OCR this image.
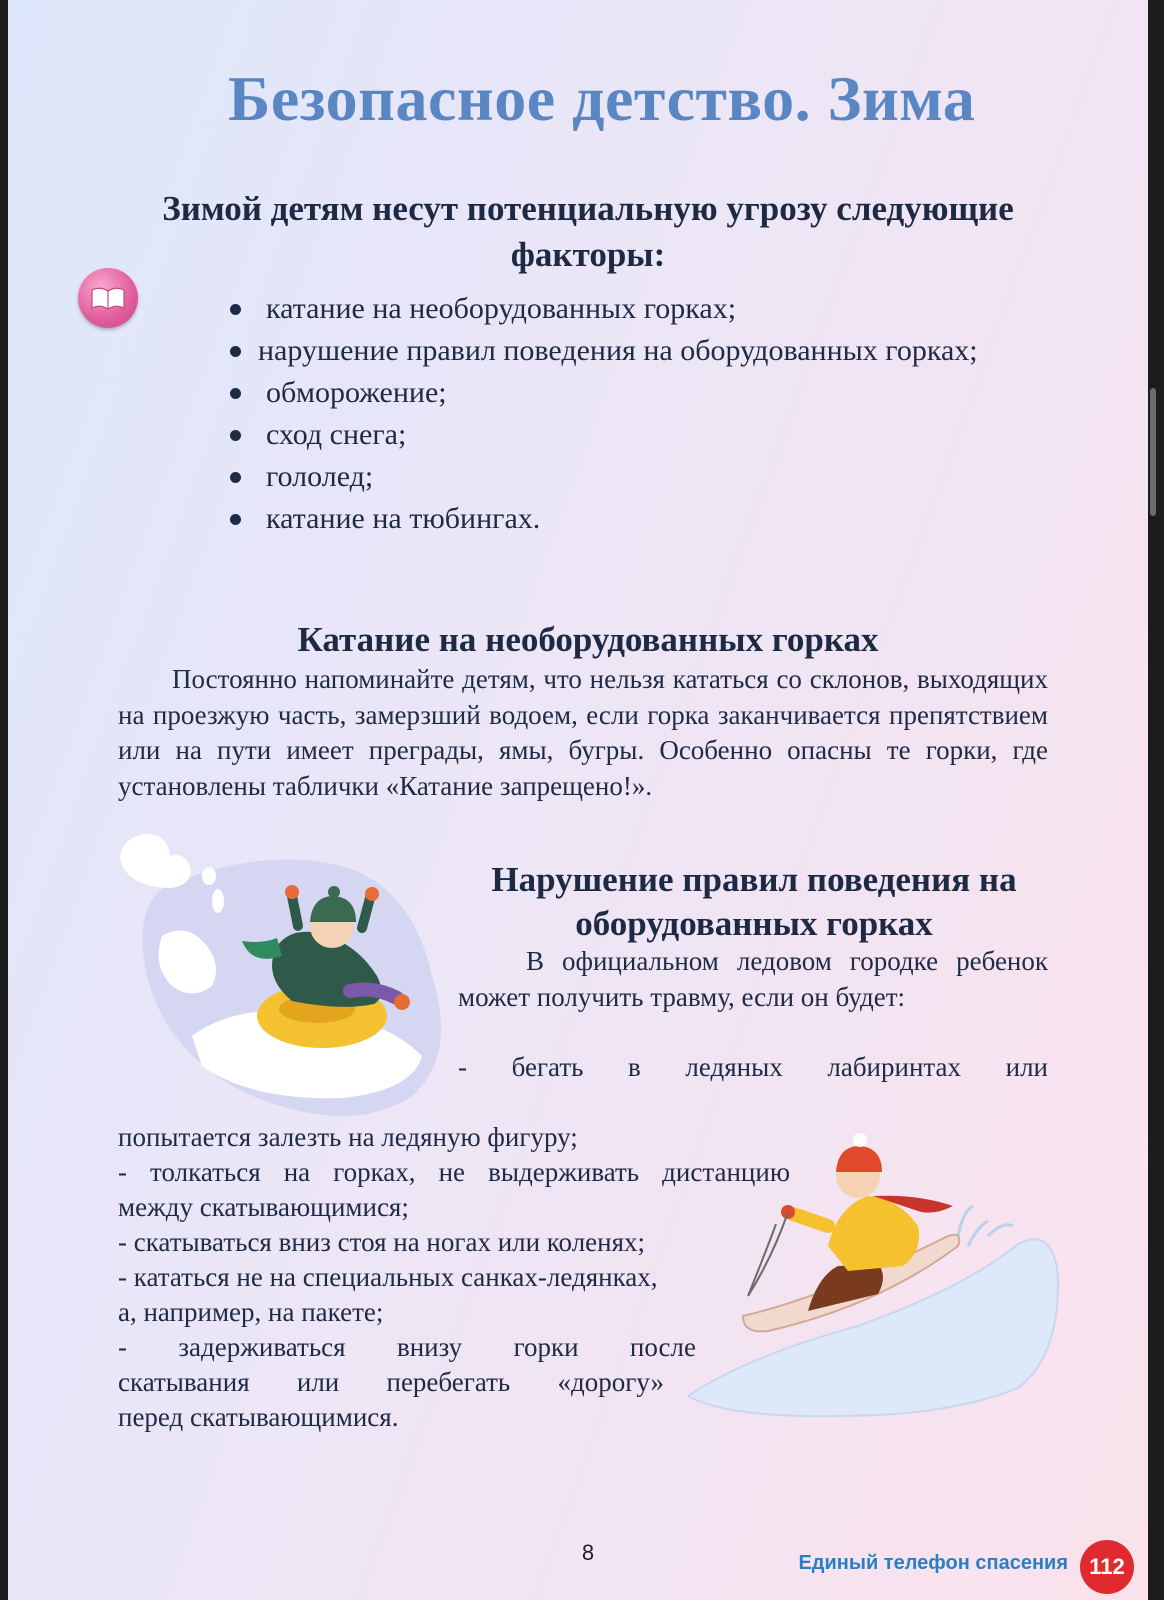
Безопасное детство. Зима
Зимой детям несут потенциальную угрозу следующие факторы:
катание на необорудованных горках;
нарушение правил поведения на оборудованных горках;
обморожение;
сход снега;
гололед;
катание на тюбингах.
Катание на необорудованных горках

Постоянно напоминайте детям, что нельзя кататься со склонов, выходящих на проезжую часть, замерзший водоем, если горка заканчивается препятствием или на пути имеет преграды, ямы, бугры. Особенно опасны те горки, где установлены таблички «Катание запрещено!».

Нарушение правил поведения на оборудованных горках

В официальном ледовом городке ребенок может получить травму, если он будет:

- бегать в ледяных лабиринтах или

попытается залезть на ледяную фигуру;

- толкаться на горках, не выдерживать дистанцию

между скатывающимися;

- скатываться вниз стоя на ногах или коленях;

- кататься не на специальных санках-ледянках,

а, например, на пакете;

- задерживаться внизу горки после

скатывания или перебегать «дорогу»

перед скатывающимися.

8	Единый телефон спасения 112
